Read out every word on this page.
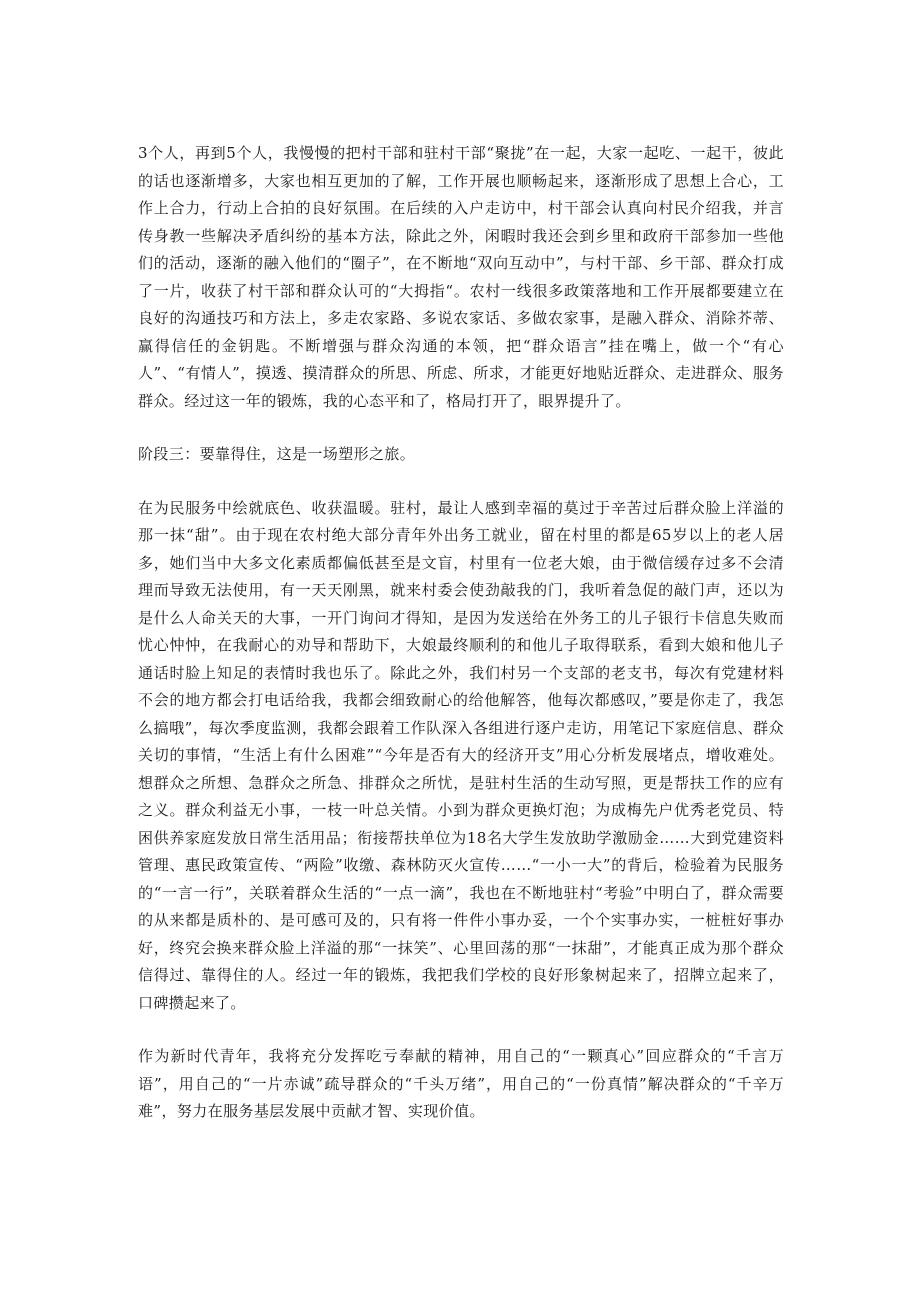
3个人，再到5个人，我慢慢的把村干部和驻村干部“聚拢”在一起，大家一起吃、一起干，彼此的话也逐渐增多，大家也相互更加的了解，工作开展也顺畅起来，逐渐形成了思想上合心，工作上合力，行动上合拍的良好氛围。在后续的入户走访中，村干部会认真向村民介绍我，并言传身教一些解决矛盾纠纷的基本方法，除此之外，闲暇时我还会到乡里和政府干部参加一些他们的活动，逐渐的融入他们的“圈子”，在不断地“双向互动中”，与村干部、乡干部、群众打成了一片，收获了村干部和群众认可的“大拇指“。农村一线很多政策落地和工作开展都要建立在良好的沟通技巧和方法上，多走农家路、多说农家话、多做农家事，是融入群众、消除芥蒂、赢得信任的金钥匙。不断增强与群众沟通的本领，把“群众语言”挂在嘴上，做一个“有心人”、“有情人”，摸透、摸清群众的所思、所虑、所求，才能更好地贴近群众、走进群众、服务群众。经过这一年的锻炼，我的心态平和了，格局打开了，眼界提升了。

阶段三：要靠得住，这是一场塑形之旅。

在为民服务中绘就底色、收获温暖。驻村，最让人感到幸福的莫过于辛苦过后群众脸上洋溢的那一抹“甜”。由于现在农村绝大部分青年外出务工就业，留在村里的都是65岁以上的老人居多，她们当中大多文化素质都偏低甚至是文盲，村里有一位老大娘，由于微信缓存过多不会清理而导致无法使用，有一天天刚黑，就来村委会使劲敲我的门，我听着急促的敲门声，还以为是什么人命关天的大事，一开门询问才得知，是因为发送给在外务工的儿子银行卡信息失败而忧心忡忡，在我耐心的劝导和帮助下，大娘最终顺利的和他儿子取得联系，看到大娘和他儿子通话时脸上知足的表情时我也乐了。除此之外，我们村另一个支部的老支书，每次有党建材料不会的地方都会打电话给我，我都会细致耐心的给他解答，他每次都感叹，”要是你走了，我怎么搞哦”，每次季度监测，我都会跟着工作队深入各组进行逐户走访，用笔记下家庭信息、群众关切的事情，“生活上有什么困难”“今年是否有大的经济开支”用心分析发展堵点，增收难处。想群众之所想、急群众之所急、排群众之所忧，是驻村生活的生动写照，更是帮扶工作的应有之义。群众利益无小事，一枝一叶总关情。小到为群众更换灯泡；为成梅先户优秀老党员、特困供养家庭发放日常生活用品；衔接帮扶单位为18名大学生发放助学激励金……大到党建资料管理、惠民政策宣传、“两险”收缴、森林防灭火宣传……“一小一大”的背后，检验着为民服务的“一言一行”，关联着群众生活的“一点一滴”，我也在不断地驻村“考验”中明白了，群众需要的从来都是质朴的、是可感可及的，只有将一件件小事办妥，一个个实事办实，一桩桩好事办好，终究会换来群众脸上洋溢的那“一抹笑”、心里回荡的那“一抹甜”，才能真正成为那个群众信得过、靠得住的人。经过一年的锻炼，我把我们学校的良好形象树起来了，招牌立起来了，口碑攒起来了。

作为新时代青年，我将充分发挥吃亏奉献的精神，用自己的“一颗真心”回应群众的“千言万语”，用自己的“一片赤诚”疏导群众的“千头万绪”，用自己的“一份真情”解决群众的“千辛万难”，努力在服务基层发展中贡献才智、实现价值。
